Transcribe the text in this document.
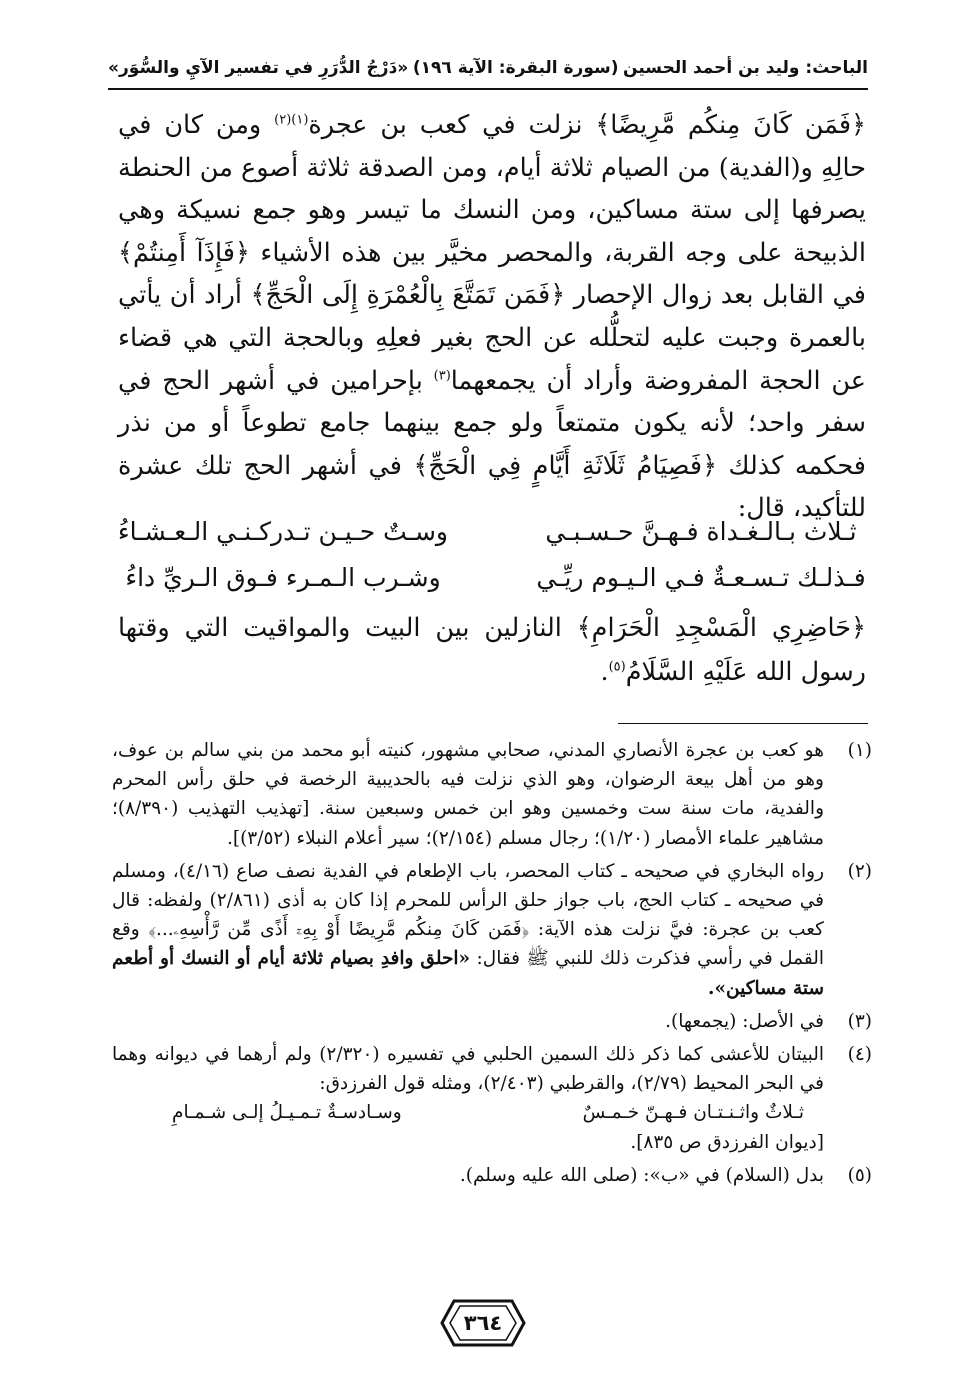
الباحث: وليد بن أحمد الحسين
(سورة البقرة: الآية ١٩٦)
«دَرْجُ الدُّرَرِ في تفسير الآيِ والسُّوَر»

﴿فَمَن كَانَ مِنكُم مَّرِيضًا﴾ نزلت في كعب بن عجرة$^{(١)(٢)}$ ومن كان في حالِهِ و(الفدية) من الصيام ثلاثة أيام، ومن الصدقة ثلاثة أصوع من الحنطة يصرفها إلى ستة مساكين، ومن النسك ما تيسر وهو جمع نسيكة وهي الذبيحة على وجه القربة، والمحصر مخيَّر بين هذه الأشياء ﴿فَإِذَآ أَمِنتُمْ﴾ في القابل بعد زوال الإحصار ﴿فَمَن تَمَتَّعَ بِالْعُمْرَةِ إِلَى الْحَجِّ﴾ أراد أن يأتي بالعمرة وجبت عليه لتحلُّله عن الحج بغير فعلِهِ وبالحجة التي هي قضاء عن الحجة المفروضة وأراد أن يجمعهما$^{(٣)}$ بإحرامين في أشهر الحج في سفر واحد؛ لأنه يكون متمتعاً ولو جمع بينهما جامع تطوعاً أو من نذر فحكمه كذلك ﴿فَصِيَامُ ثَلَاثَةِ أَيَّامٍ فِي الْحَجِّ﴾ في أشهر الحج تلك عشرة للتأكيد، قال:

ثـلاث بـالـغـداة فـهـنَّ حـسـبـي
وسـتٌ حـيـن تـدركـنـي الـعـشـاءُ
فـذلـك تـسـعـةٌ فـي الـيـوم ريِّـي
وشـرب الـمـرء فـوق الـريِّ داءُ
﴿حَاضِرِي الْمَسْجِدِ الْحَرَامِ﴾ النازلين بين البيت والمواقيت التي وقتها رسول الله عَلَيْهِ السَّلَامُ$^{(٥)}$.
(١)
هو كعب بن عجرة الأنصاري المدني، صحابي مشهور، كنيته أبو محمد من بني سالم بن عوف، وهو من أهل بيعة الرضوان، وهو الذي نزلت فيه بالحديبية الرخصة في حلق رأس المحرم والفدية، مات سنة ست وخمسين وهو ابن خمس وسبعين سنة. [تهذيب التهذيب (٨/٣٩٠)؛ مشاهير علماء الأمصار (١/٢٠)؛ رجال مسلم (٢/١٥٤)؛ سير أعلام النبلاء (٣/٥٢)].
(٢)
رواه البخاري في صحيحه ـ كتاب المحصر، باب الإطعام في الفدية نصف صاع (٤/١٦)، ومسلم في صحيحه ـ كتاب الحج، باب جواز حلق الرأس للمحرم إذا كان به أذى (٢/٨٦١) ولفظه: قال كعب بن عجرة: فيَّ نزلت هذه الآية: ﴿فَمَن كَانَ مِنكُم مَّرِيضًا أَوْ بِهِۦٓ أَذًى مِّن رَّأْسِهِۦ...﴾ وقع القمل في رأسي فذكرت ذلك للنبي ﷺ فقال: «احلق وافدِ بصيام ثلاثة أيام أو النسك أو أطعم ستة مساكين».
(٣)
في الأصل: (يجمعها).
(٤)
البيتان للأعشى كما ذكر ذلك السمين الحلبي في تفسيره (٢/٣٢٠) ولم أرهما في ديوانه وهما في البحر المحيط (٢/٧٩)، والقرطبي (٢/٤٠٣)، ومثله قول الفرزدق:
ثـلاثٌ واثـنـتـان فـهـنّ خـمـسٌ
وسـادسـةٌ تـمـيـلُ إلـى شـمـامِ
[ديوان الفرزدق ص ٨٣٥].
(٥)
بدل (السلام) في «ب»: (صلى الله عليه وسلم).
٣٦٤
